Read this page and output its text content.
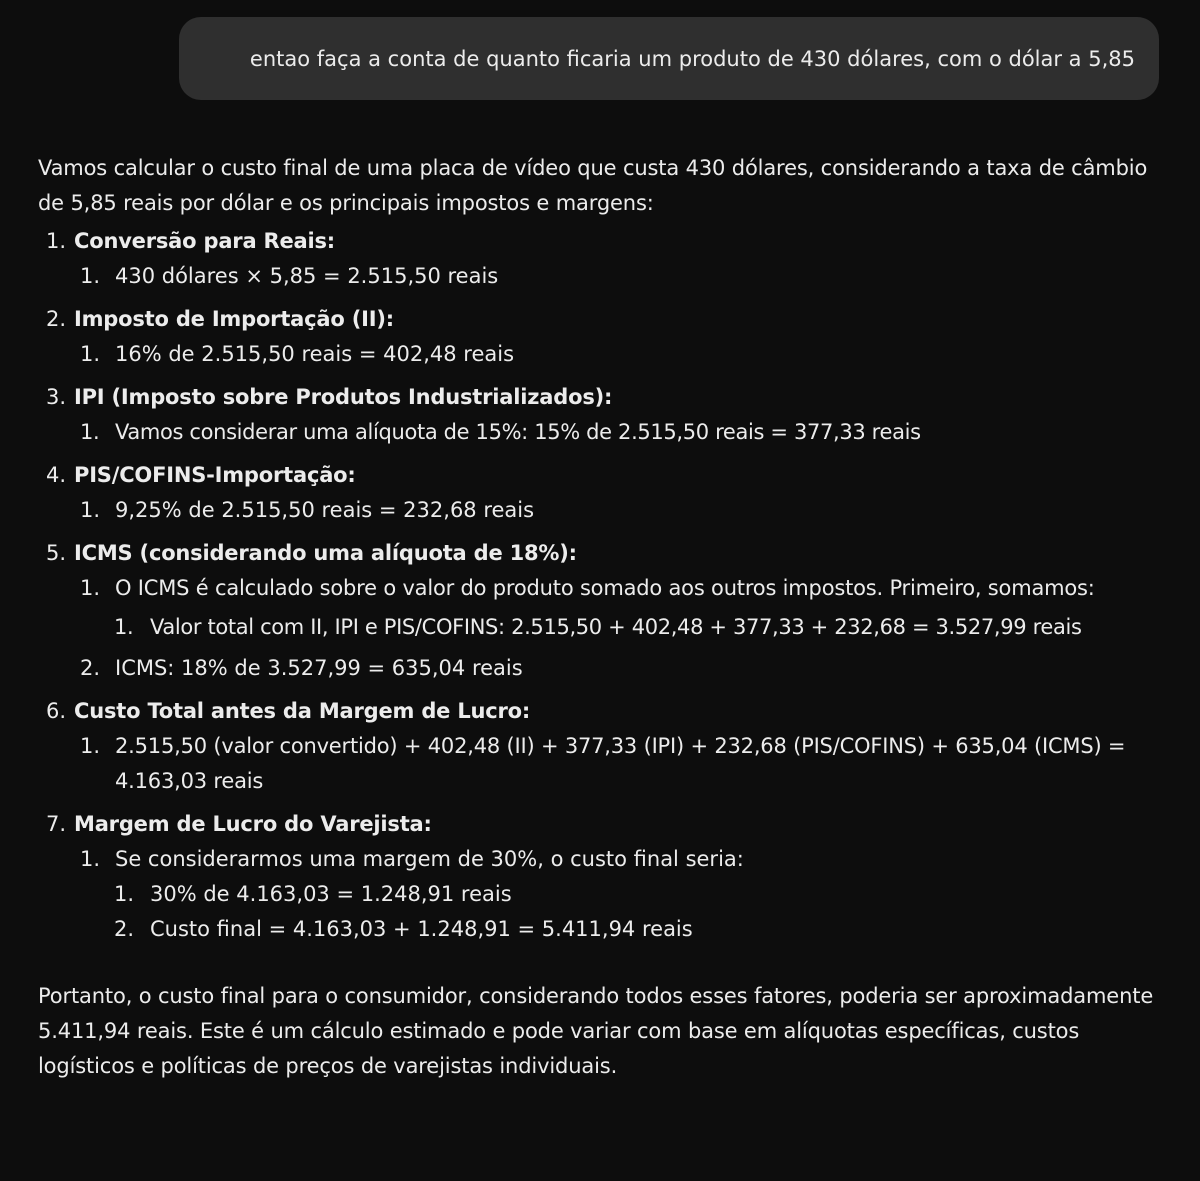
entao faça a conta de quanto ficaria um produto de 430 dólares, com o dólar a 5,85

Vamos calcular o custo final de uma placa de vídeo que custa 430 dólares, considerando a taxa de câmbio de 5,85 reais por dólar e os principais impostos e margens:

1. Conversão para Reais:
1. 430 dólares × 5,85 = 2.515,50 reais
2. Imposto de Importação (II):
1. 16% de 2.515,50 reais = 402,48 reais
3. IPI (Imposto sobre Produtos Industrializados):
1. Vamos considerar uma alíquota de 15%: 15% de 2.515,50 reais = 377,33 reais
4. PIS/COFINS-Importação:
1. 9,25% de 2.515,50 reais = 232,68 reais
5. ICMS (considerando uma alíquota de 18%):
1. O ICMS é calculado sobre o valor do produto somado aos outros impostos. Primeiro, somamos:
1. Valor total com II, IPI e PIS/COFINS: 2.515,50 + 402,48 + 377,33 + 232,68 = 3.527,99 reais
2. ICMS: 18% de 3.527,99 = 635,04 reais
6. Custo Total antes da Margem de Lucro:
1. 2.515,50 (valor convertido) + 402,48 (II) + 377,33 (IPI) + 232,68 (PIS/COFINS) + 635,04 (ICMS) = 4.163,03 reais
7. Margem de Lucro do Varejista:
1. Se considerarmos uma margem de 30%, o custo final seria:
1. 30% de 4.163,03 = 1.248,91 reais
2. Custo final = 4.163,03 + 1.248,91 = 5.411,94 reais

Portanto, o custo final para o consumidor, considerando todos esses fatores, poderia ser aproximadamente 5.411,94 reais. Este é um cálculo estimado e pode variar com base em alíquotas específicas, custos logísticos e políticas de preços de varejistas individuais.
